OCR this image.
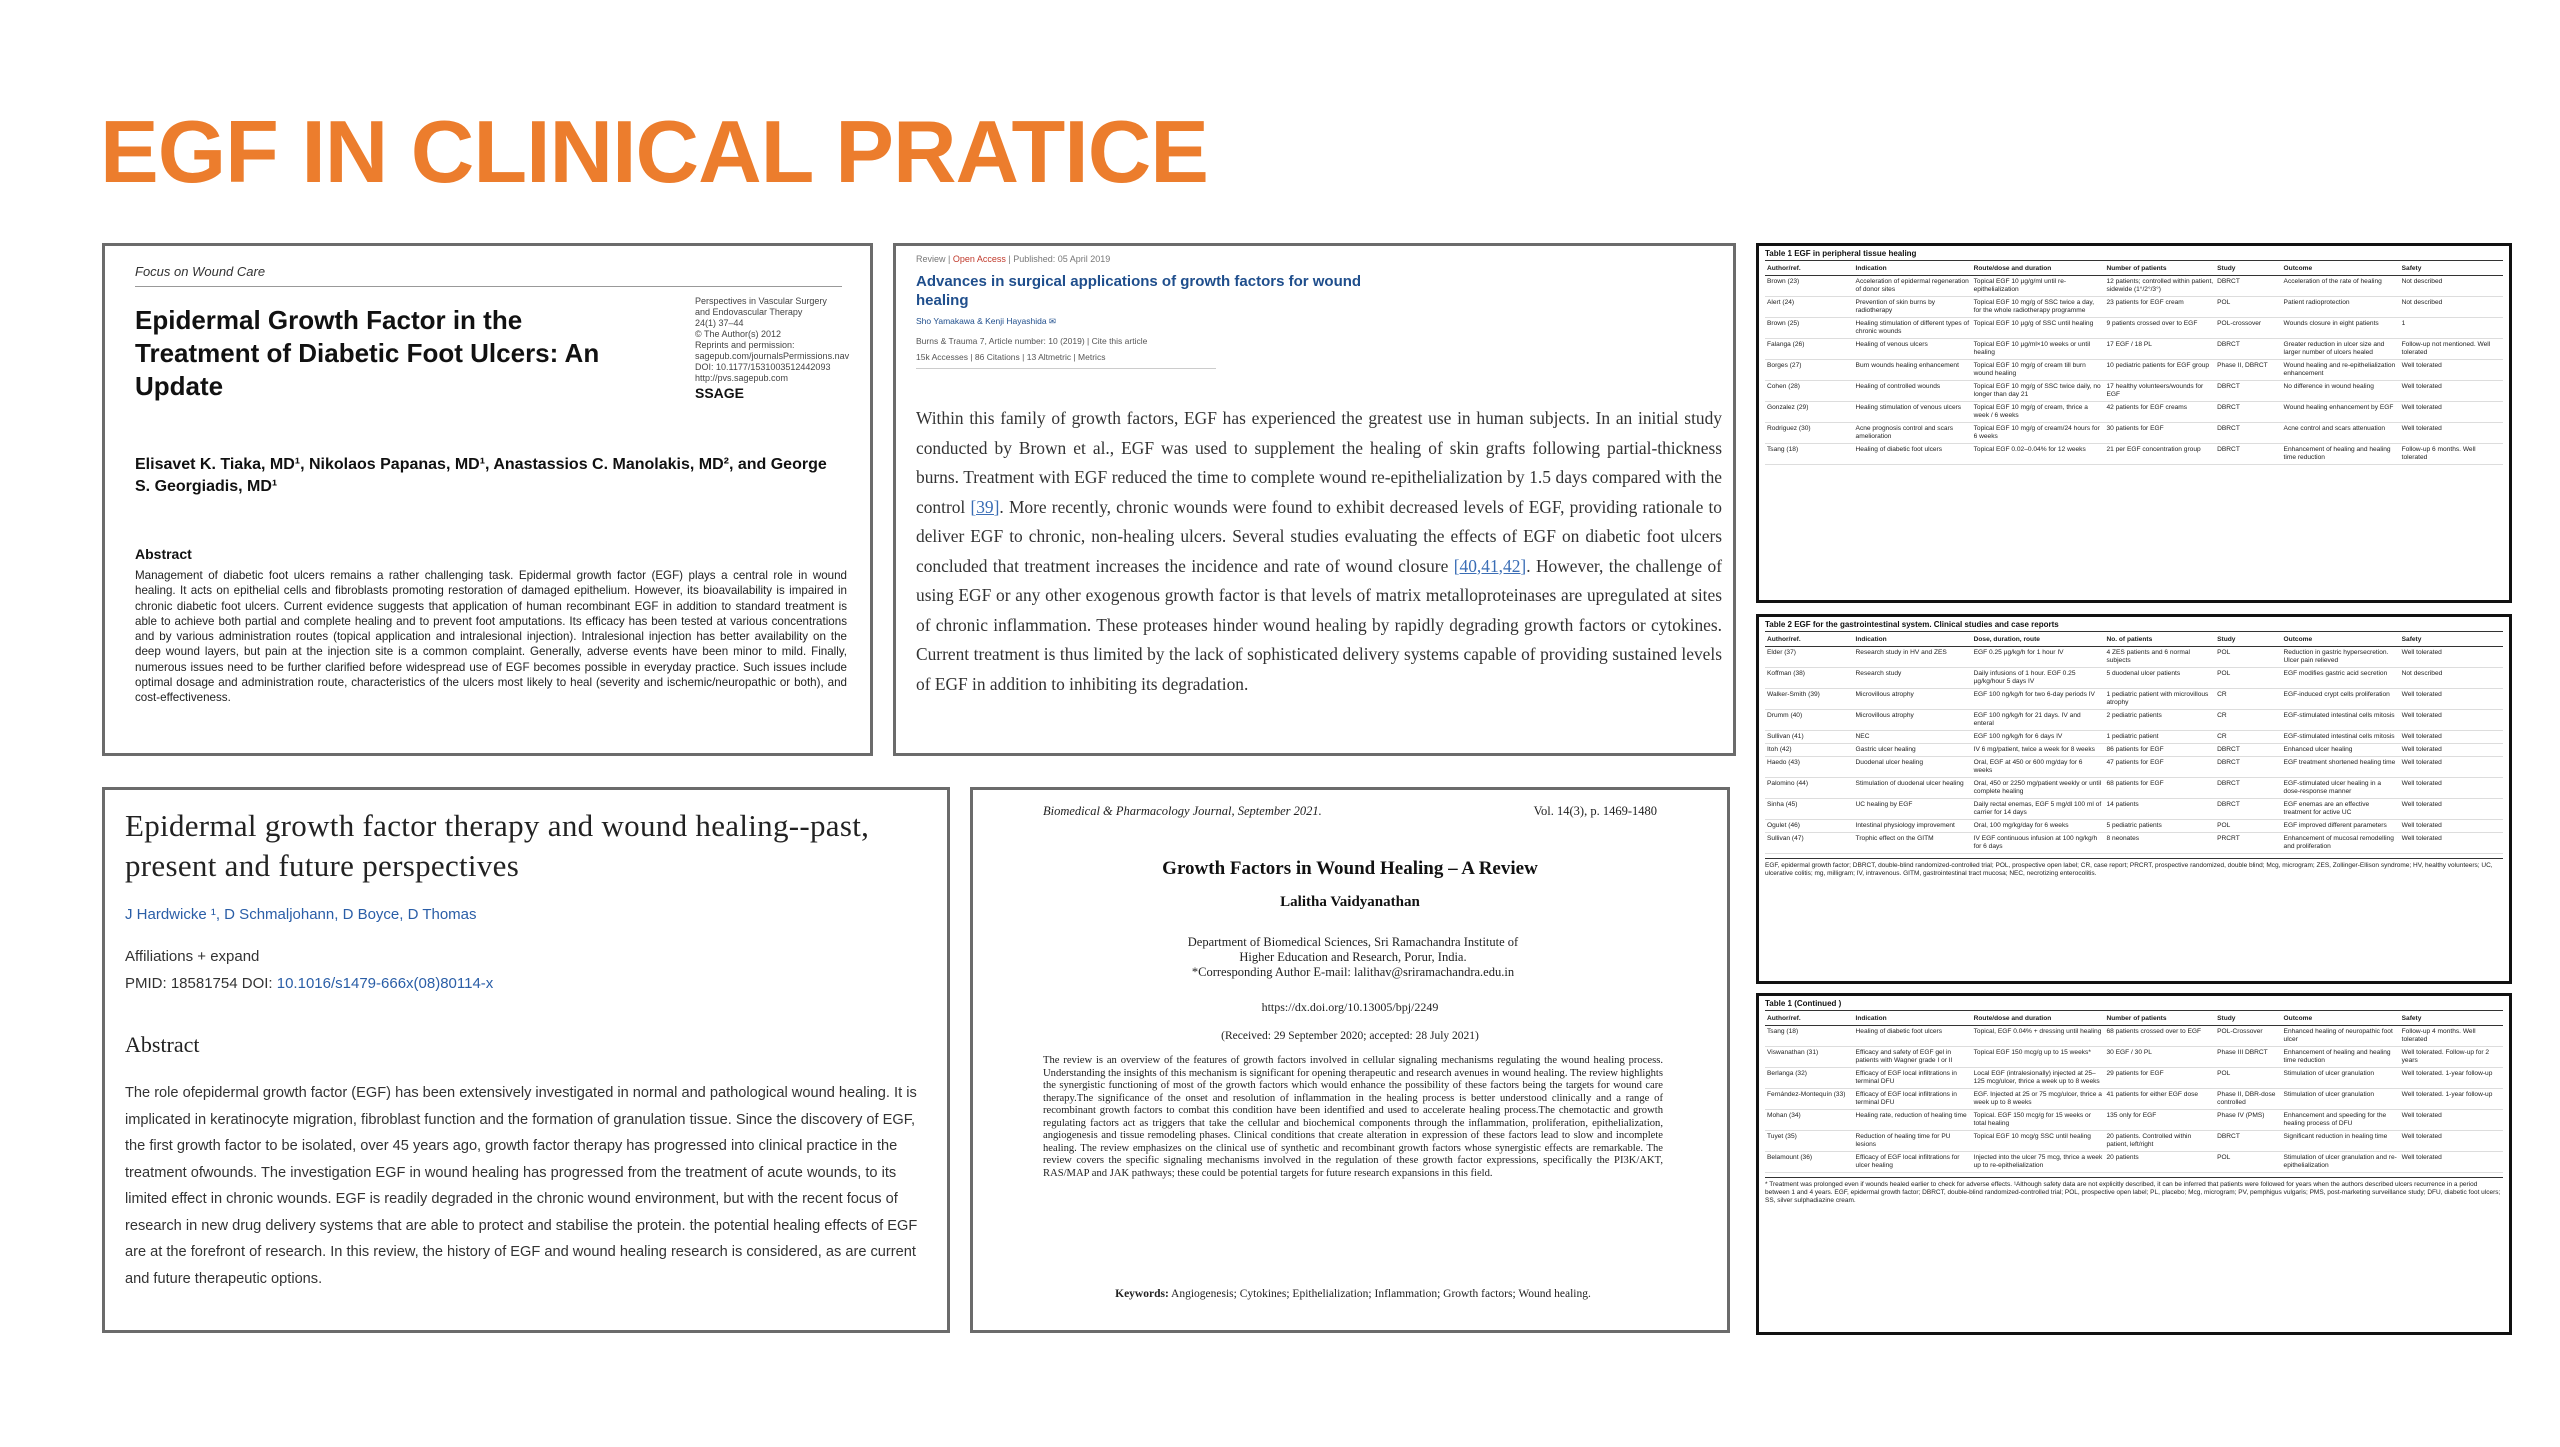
EGF IN CLINICAL PRATICE
Focus on Wound Care
Epidermal Growth Factor in the Treatment of Diabetic Foot Ulcers: An Update
Perspectives in Vascular Surgery
and Endovascular Therapy
24(1) 37–44
© The Author(s) 2012
Reprints and permission:
sagepub.com/journalsPermissions.nav
DOI: 10.1177/1531003512442093
http://pvs.sagepub.com
SSAGE
Elisavet K. Tiaka, MD¹, Nikolaos Papanas, MD¹, Anastassios C. Manolakis, MD², and George S. Georgiadis, MD¹
Abstract
Management of diabetic foot ulcers remains a rather challenging task. Epidermal growth factor (EGF) plays a central role in wound healing. It acts on epithelial cells and fibroblasts promoting restoration of damaged epithelium. However, its bioavailability is impaired in chronic diabetic foot ulcers. Current evidence suggests that application of human recombinant EGF in addition to standard treatment is able to achieve both partial and complete healing and to prevent foot amputations. Its efficacy has been tested at various concentrations and by various administration routes (topical application and intralesional injection). Intralesional injection has better availability on the deep wound layers, but pain at the injection site is a common complaint. Generally, adverse events have been minor to mild. Finally, numerous issues need to be further clarified before widespread use of EGF becomes possible in everyday practice. Such issues include optimal dosage and administration route, characteristics of the ulcers most likely to heal (severity and ischemic/neuropathic or both), and cost-effectiveness.
Review | Open Access | Published: 05 April 2019
Advances in surgical applications of growth factors for wound healing
Sho Yamakawa & Kenji Hayashida ✉
Burns & Trauma 7, Article number: 10 (2019) | Cite this article
15k Accesses | 86 Citations | 13 Altmetric | Metrics
Within this family of growth factors, EGF has experienced the greatest use in human subjects. In an initial study conducted by Brown et al., EGF was used to supplement the healing of skin grafts following partial-thickness burns. Treatment with EGF reduced the time to complete wound re-epithelialization by 1.5 days compared with the control [39]. More recently, chronic wounds were found to exhibit decreased levels of EGF, providing rationale to deliver EGF to chronic, non-healing ulcers. Several studies evaluating the effects of EGF on diabetic foot ulcers concluded that treatment increases the incidence and rate of wound closure [40,41,42]. However, the challenge of using EGF or any other exogenous growth factor is that levels of matrix metalloproteinases are upregulated at sites of chronic inflammation. These proteases hinder wound healing by rapidly degrading growth factors or cytokines. Current treatment is thus limited by the lack of sophisticated delivery systems capable of providing sustained levels of EGF in addition to inhibiting its degradation.
Epidermal growth factor therapy and wound healing--past, present and future perspectives
J Hardwicke ¹, D Schmaljohann, D Boyce, D Thomas
Affiliations + expand
PMID: 18581754 DOI: 10.1016/s1479-666x(08)80114-x
Abstract
The role ofepidermal growth factor (EGF) has been extensively investigated in normal and pathological wound healing. It is implicated in keratinocyte migration, fibroblast function and the formation of granulation tissue. Since the discovery of EGF, the first growth factor to be isolated, over 45 years ago, growth factor therapy has progressed into clinical practice in the treatment ofwounds. The investigation EGF in wound healing has progressed from the treatment of acute wounds, to its limited effect in chronic wounds. EGF is readily degraded in the chronic wound environment, but with the recent focus of research in new drug delivery systems that are able to protect and stabilise the protein. the potential healing effects of EGF are at the forefront of research. In this review, the history of EGF and wound healing research is considered, as are current and future therapeutic options.
Biomedical & Pharmacology Journal, September 2021.	Vol. 14(3), p. 1469-1480
Growth Factors in Wound Healing – A Review
Lalitha Vaidyanathan
Department of Biomedical Sciences, Sri Ramachandra Institute of
Higher Education and Research, Porur, India.
*Corresponding Author E-mail: lalithav@sriramachandra.edu.in
https://dx.doi.org/10.13005/bpj/2249
(Received: 29 September 2020; accepted: 28 July 2021)
The review is an overview of the features of growth factors involved in cellular signaling mechanisms regulating the wound healing process. Understanding the insights of this mechanism is significant for opening therapeutic and research avenues in wound healing. The review highlights the synergistic functioning of most of the growth factors which would enhance the possibility of these factors being the targets for wound care therapy.The significance of the onset and resolution of inflammation in the healing process is better understood clinically and a range of recombinant growth factors to combat this condition have been identified and used to accelerate healing process.The chemotactic and growth regulating factors act as triggers that take the cellular and biochemical components through the inflammation, proliferation, epithelialization, angiogenesis and tissue remodeling phases. Clinical conditions that create alteration in expression of these factors lead to slow and incomplete healing. The review emphasizes on the clinical use of synthetic and recombinant growth factors whose synergistic effects are remarkable. The review covers the specific signaling mechanisms involved in the regulation of these growth factor expressions, specifically the PI3K/AKT, RAS/MAP and JAK pathways; these could be potential targets for future research expansions in this field.
Keywords: Angiogenesis; Cytokines; Epithelialization; Inflammation; Growth factors; Wound healing.
Table 1 EGF in peripheral tissue healing
Author/ref.	Indication	Route/dose and duration	Number of patients	Study	Outcome	Safety
Brown (23)	Acceleration of epidermal regeneration of donor sites	Topical EGF 10 µg/g/ml until re-epithelialization	12 patients; controlled within patient, sidewide (1°/2°/3°)	DBRCT	Acceleration of the rate of healing	Not described
Alert (24)	Prevention of skin burns by radiotherapy	Topical EGF 10 mg/g of SSC twice a day, for the whole radiotherapy programme	23 patients for EGF cream	POL	Patient radioprotection	Not described
Brown (25)	Healing stimulation of different types of chronic wounds	Topical EGF 10 µg/g of SSC until healing	9 patients crossed over to EGF	POL-crossover	Wounds closure in eight patients	1
Falanga (26)	Healing of venous ulcers	Topical EGF 10 µg/ml×10 weeks or until healing	17 EGF / 18 PL	DBRCT	Greater reduction in ulcer size and larger number of ulcers healed	Follow-up not mentioned. Well tolerated
Borges (27)	Burn wounds healing enhancement	Topical EGF 10 mg/g of cream till burn wound healing	10 pediatric patients for EGF group	Phase II, DBRCT	Wound healing and re-epithelialization enhancement	Well tolerated
Cohen (28)	Healing of controlled wounds	Topical EGF 10 mg/g of SSC twice daily, no longer than day 21	17 healthy volunteers/wounds for EGF	DBRCT	No difference in wound healing	Well tolerated
Gonzalez (29)	Healing stimulation of venous ulcers	Topical EGF 10 mg/g of cream, thrice a week / 6 weeks	42 patients for EGF creams	DBRCT	Wound healing enhancement by EGF	Well tolerated
Rodriguez (30)	Acne prognosis control and scars amelioration	Topical EGF 10 mg/g of cream/24 hours for 6 weeks	30 patients for EGF	DBRCT	Acne control and scars attenuation	Well tolerated
Tsang (18)	Healing of diabetic foot ulcers	Topical EGF 0.02–0.04% for 12 weeks	21 per EGF concentration group	DBRCT	Enhancement of healing and healing time reduction	Follow-up 6 months. Well tolerated
Table 2 EGF for the gastrointestinal system. Clinical studies and case reports
Author/ref.	Indication	Dose, duration, route	No. of patients	Study	Outcome	Safety
Elder (37)	Research study in HV and ZES	EGF 0.25 µg/kg/h for 1 hour IV	4 ZES patients and 6 normal subjects	POL	Reduction in gastric hypersecretion. Ulcer pain relieved	Well tolerated
Koffman (38)	Research study	Daily infusions of 1 hour. EGF 0.25 µg/kg/hour 5 days IV	5 duodenal ulcer patients	POL	EGF modifies gastric acid secretion	Not described
Walker-Smith (39)	Microvillous atrophy	EGF 100 ng/kg/h for two 6-day periods IV	1 pediatric patient with microvillous atrophy	CR	EGF-induced crypt cells proliferation	Well tolerated
Drumm (40)	Microvillous atrophy	EGF 100 ng/kg/h for 21 days. IV and enteral	2 pediatric patients	CR	EGF-stimulated intestinal cells mitosis	Well tolerated
Sullivan (41)	NEC	EGF 100 ng/kg/h for 6 days IV	1 pediatric patient	CR	EGF-stimulated intestinal cells mitosis	Well tolerated
Itoh (42)	Gastric ulcer healing	IV 6 mg/patient, twice a week for 8 weeks	86 patients for EGF	DBRCT	Enhanced ulcer healing	Well tolerated
Haedo (43)	Duodenal ulcer healing	Oral, EGF at 450 or 600 mg/day for 6 weeks	47 patients for EGF	DBRCT	EGF treatment shortened healing time	Well tolerated
Palomino (44)	Stimulation of duodenal ulcer healing	Oral, 450 or 2250 mg/patient weekly or until complete healing	68 patients for EGF	DBRCT	EGF-stimulated ulcer healing in a dose-response manner	Well tolerated
Sinha (45)	UC healing by EGF	Daily rectal enemas, EGF 5 mg/dl 100 ml of carrier for 14 days	14 patients	DBRCT	EGF enemas are an effective treatment for active UC	Well tolerated
Ogulet (46)	Intestinal physiology improvement	Oral, 100 mg/kg/day for 6 weeks	5 pediatric patients	POL	EGF improved different parameters	Well tolerated
Sullivan (47)	Trophic effect on the GITM	IV EGF continuous infusion at 100 ng/kg/h for 6 days	8 neonates	PRCRT	Enhancement of mucosal remodelling and proliferation	Well tolerated
EGF, epidermal growth factor; DBRCT, double-blind randomized-controlled trial; POL, prospective open label; CR, case report; PRCRT, prospective randomized, double blind; Mcg, microgram; ZES, Zollinger-Ellison syndrome; HV, healthy volunteers; UC, ulcerative colitis; mg, milligram; IV, intravenous. GITM, gastrointestinal tract mucosa; NEC, necrotizing enterocolitis.
Table 1 (Continued )
Author/ref.	Indication	Route/dose and duration	Number of patients	Study	Outcome	Safety
Tsang (18)	Healing of diabetic foot ulcers	Topical, EGF 0.04% + dressing until healing	68 patients crossed over to EGF	POL-Crossover	Enhanced healing of neuropathic foot ulcer	Follow-up 4 months. Well tolerated
Viswanathan (31)	Efficacy and safety of EGF gel in patients with Wagner grade I or II	Topical EGF 150 mcg/g up to 15 weeks*	30 EGF / 30 PL	Phase III DBRCT	Enhancement of healing and healing time reduction	Well tolerated. Follow-up for 2 years
Berlanga (32)	Efficacy of EGF local infiltrations in terminal DFU	Local EGF (intralesionally) injected at 25–125 mcg/ulcer, thrice a week up to 8 weeks	29 patients for EGF	POL	Stimulation of ulcer granulation	Well tolerated. 1-year follow-up
Fernández-Montequín (33)	Efficacy of EGF local infiltrations in terminal DFU	EGF. Injected at 25 or 75 mcg/ulcer, thrice a week up to 8 weeks	41 patients for either EGF dose	Phase II, DBR-dose controlled	Stimulation of ulcer granulation	Well tolerated. 1-year follow-up
Mohan (34)	Healing rate, reduction of healing time	Topical. EGF 150 mcg/g for 15 weeks or total healing	135 only for EGF	Phase IV (PMS)	Enhancement and speeding for the healing process of DFU	Well tolerated
Tuyet (35)	Reduction of healing time for PU lesions	Topical EGF 10 mcg/g SSC until healing	20 patients. Controlled within patient, left/right	DBRCT	Significant reduction in healing time	Well tolerated
Belamount (36)	Efficacy of EGF local infiltrations for ulcer healing	Injected into the ulcer 75 mcg, thrice a week up to re-epithelialization	20 patients	POL	Stimulation of ulcer granulation and re-epithelialization	Well tolerated
* Treatment was prolonged even if wounds healed earlier to check for adverse effects. ¹Although safety data are not explicitly described, it can be inferred that patients were followed for years when the authors described ulcers recurrence in a period between 1 and 4 years. EGF, epidermal growth factor; DBRCT, double-blind randomized-controlled trial; POL, prospective open label; PL, placebo; Mcg, microgram; PV, pemphigus vulgaris; PMS, post-marketing surveillance study; DFU, diabetic foot ulcers; SS, silver sulphadiazine cream.
